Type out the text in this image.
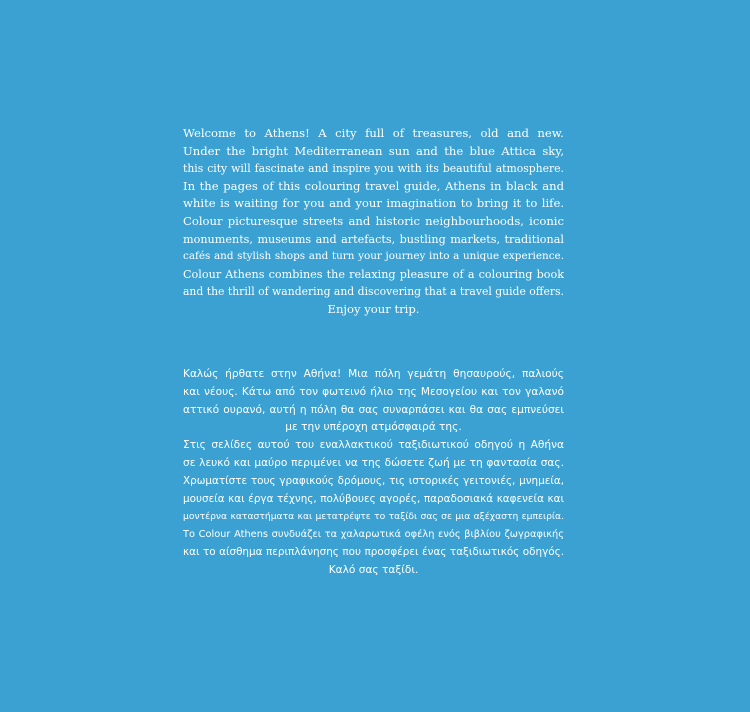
Welcome to Athens! A city full of treasures, old and new.
Under the bright Mediterranean sun and the blue Attica sky,
this city will fascinate and inspire you with its beautiful atmosphere.
In the pages of this colouring travel guide, Athens in black and
white is waiting for you and your imagination to bring it to life.
Colour picturesque streets and historic neighbourhoods, iconic
monuments, museums and artefacts, bustling markets, traditional
cafés and stylish shops and turn your journey into a unique experience.
Colour Athens combines the relaxing pleasure of a colouring book
and the thrill of wandering and discovering that a travel guide offers.
Enjoy your trip.
Καλώς ήρθατε στην Αθήνα! Μια πόλη γεμάτη θησαυρούς, παλιούς
και νέους. Κάτω από τον φωτεινό ήλιο της Μεσογείου και τον γαλανό
αττικό ουρανό, αυτή η πόλη θα σας συναρπάσει και θα σας εμπνεύσει
με την υπέροχη ατμόσφαιρά της.
Στις σελίδες αυτού του εναλλακτικού ταξιδιωτικού οδηγού η Αθήνα
σε λευκό και μαύρο περιμένει να της δώσετε ζωή με τη φαντασία σας.
Χρωματίστε τους γραφικούς δρόμους, τις ιστορικές γειτονιές, μνημεία,
μουσεία και έργα τέχνης, πολύβουες αγορές, παραδοσιακά καφενεία και
μοντέρνα καταστήματα και μετατρέψτε το ταξίδι σας σε μια αξέχαστη εμπειρία.
Το Colour Athens συνδυάζει τα χαλαρωτικά οφέλη ενός βιβλίου ζωγραφικής
και το αίσθημα περιπλάνησης που προσφέρει ένας ταξιδιωτικός οδηγός.
Καλό σας ταξίδι.
